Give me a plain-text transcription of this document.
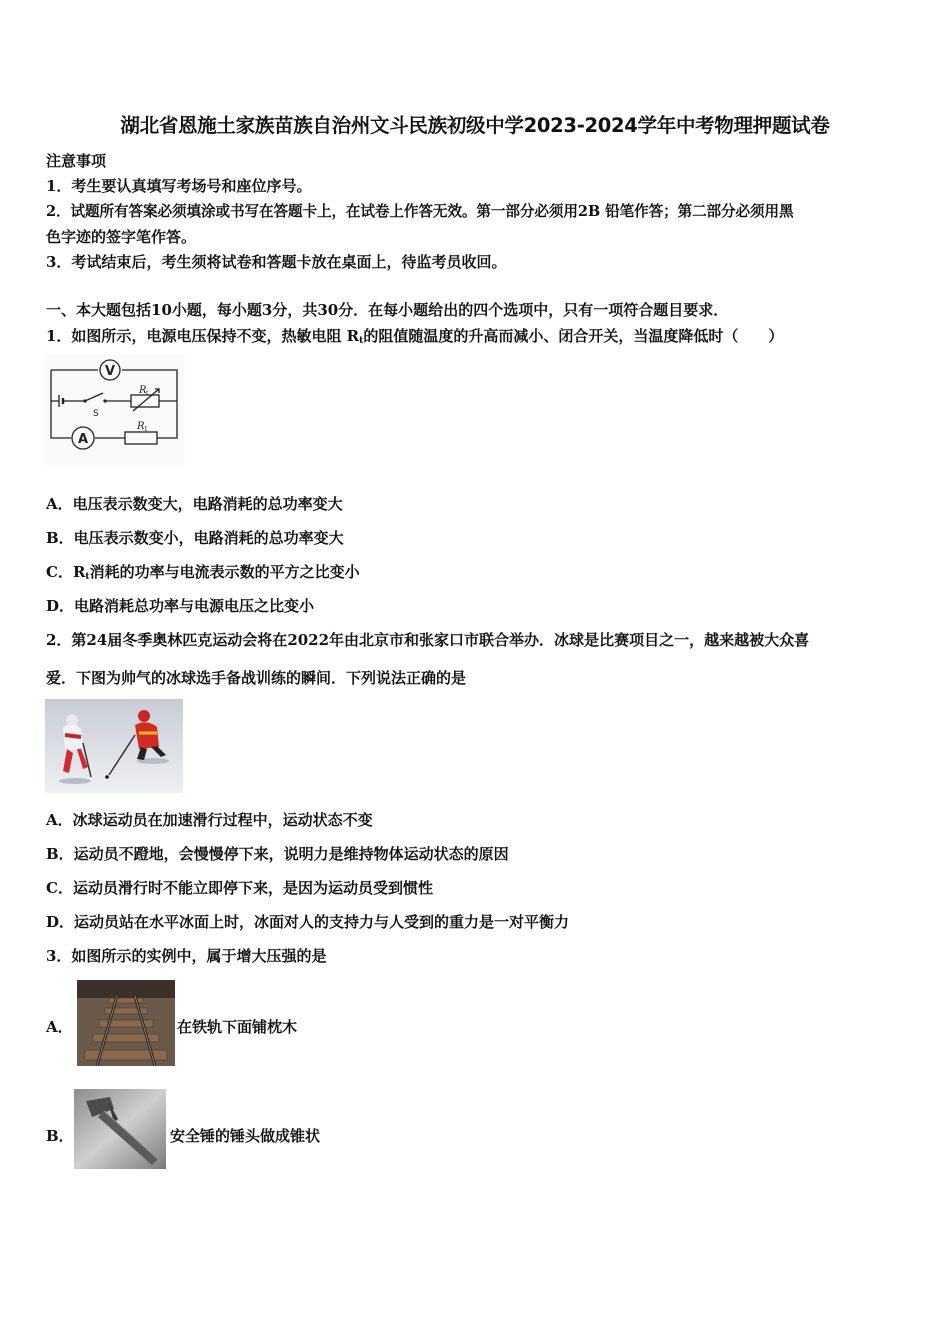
湖北省恩施土家族苗族自治州文斗民族初级中学2023-2024学年中考物理押题试卷
注意事项
1．考生要认真填写考场号和座位序号。
2．试题所有答案必须填涂或书写在答题卡上，在试卷上作答无效。第一部分必须用2B 铅笔作答；第二部分必须用黑
色字迹的签字笔作答。
3．考试结束后，考生须将试卷和答题卡放在桌面上，待监考员收回。
一、本大题包括10小题，每小题3分，共30分．在每小题给出的四个选项中，只有一项符合题目要求．
1．如图所示，电源电压保持不变，热敏电阻 $R_t$的阻值随温度的升高而减小、闭合开关，当温度降低时（　　）
V
A
S
R t
R 1
A．电压表示数变大，电路消耗的总功率变大
B．电压表示数变小，电路消耗的总功率变大
C．$R_t$消耗的功率与电流表示数的平方之比变小
D．电路消耗总功率与电源电压之比变小
2．第24届冬季奥林匹克运动会将在2022年由北京市和张家口市联合举办．冰球是比赛项目之一，越来越被大众喜
爱．下图为帅气的冰球选手备战训练的瞬间．下列说法正确的是
A．冰球运动员在加速滑行过程中，运动状态不变
B．运动员不蹬地，会慢慢停下来，说明力是维持物体运动状态的原因
C．运动员滑行时不能立即停下来，是因为运动员受到惯性
D．运动员站在水平冰面上时，冰面对人的支持力与人受到的重力是一对平衡力
3．如图所示的实例中，属于增大压强的是
A．	在铁轨下面铺枕木
B．	安全锤的锤头做成锥状
